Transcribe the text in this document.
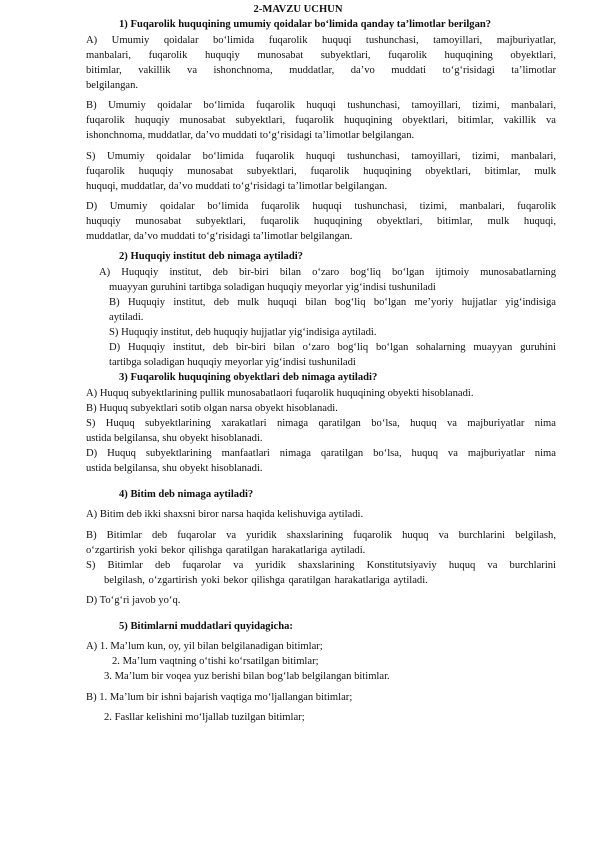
2-MAVZU UCHUN
1) Fuqarolik huquqining umumiy qoidalar bo‘limida qanday ta’limotlar berilgan?
A) Umumiy qoidalar bo‘limida fuqarolik huquqi tushunchasi, tamoyillari, majburiyatlar,
manbalari, fuqarolik huquqiy munosabat subyektlari, fuqarolik huquqining obyektlari,
bitimlar, vakillik va ishonchnoma, muddatlar, da’vo muddati to‘g‘risidagi ta’limotlar
belgilangan.
B) Umumiy qoidalar bo‘limida fuqarolik huquqi tushunchasi, tamoyillari, tizimi, manbalari,
fuqarolik huquqiy munosabat subyektlari, fuqarolik huquqining obyektlari, bitimlar, vakillik va
ishonchnoma, muddatlar, da’vo muddati to‘g‘risidagi ta’limotlar belgilangan.
S) Umumiy qoidalar bo‘limida fuqarolik huquqi tushunchasi, tamoyillari, tizimi, manbalari,
fuqarolik huquqiy munosabat subyektlari, fuqarolik huquqining obyektlari, bitimlar, mulk
huquqi, muddatlar, da’vo muddati to‘g‘risidagi ta’limotlar belgilangan.
D) Umumiy qoidalar bo‘limida fuqarolik huquqi tushunchasi, tizimi, manbalari, fuqarolik
huquqiy munosabat subyektlari, fuqarolik huquqining obyektlari, bitimlar, mulk huquqi,
muddatlar, da’vo muddati to‘g‘risidagi ta’limotlar belgilangan.
2) Huquqiy institut deb nimaga aytiladi?
A) Huquqiy institut, deb bir-biri bilan o‘zaro bog‘liq bo‘lgan ijtimoiy munosabatlarning
muayyan guruhini tartibga soladigan huquqiy meyorlar yig‘indisi tushuniladi
B) Huquqiy institut, deb mulk huquqi bilan bog‘liq bo‘lgan me’yoriy hujjatlar yig‘indisiga
aytiladi.
S) Huquqiy institut, deb huquqiy hujjatlar yig‘indisiga aytiladi.
D) Huquqiy institut, deb bir-biri bilan o‘zaro bog‘liq bo‘lgan sohalarning muayyan guruhini
tartibga soladigan huquqiy meyorlar yig‘indisi tushuniladi
3) Fuqarolik huquqining obyektlari deb nimaga aytiladi?
A) Huquq subyektlarining pullik munosabatlaori fuqarolik huquqining obyekti hisoblanadi.
B) Huquq subyektlari sotib olgan narsa obyekt hisoblanadi.
S) Huquq subyektlarining xarakatlari nimaga qaratilgan bo‘lsa, huquq va majburiyatlar nima
ustida belgilansa, shu obyekt hisoblanadi.
D) Huquq subyektlarining manfaatlari nimaga qaratilgan bo‘lsa, huquq va majburiyatlar nima
ustida belgilansa, shu obyekt hisoblanadi.
4) Bitim deb nimaga aytiladi?
A) Bitim deb ikki shaxsni biror narsa haqida kelishuviga aytiladi.
B) Bitimlar deb fuqarolar va yuridik shaxslarining fuqarolik huquq va burchlarini belgilash,
o‘zgartirish yoki bekor qilishga qaratilgan harakatlariga aytiladi.
S) Bitimlar deb fuqarolar va yuridik shaxslarining Konstitutsiyaviy huquq va burchlarini
belgilash, o‘zgartirish yoki bekor qilishga qaratilgan harakatlariga aytiladi.
D) To‘g‘ri javob yo‘q.
5) Bitimlarni muddatlari quyidagicha:
A) 1. Ma’lum kun, oy, yil bilan belgilanadigan bitimlar;
2. Ma’lum vaqtning o‘tishi ko‘rsatilgan bitimlar;
3. Ma’lum bir voqea yuz berishi bilan bog‘lab belgilangan bitimlar.
B) 1. Ma’lum bir ishni bajarish vaqtiga mo‘ljallangan bitimlar;
2. Fasllar kelishini mo‘ljallab tuzilgan bitimlar;
